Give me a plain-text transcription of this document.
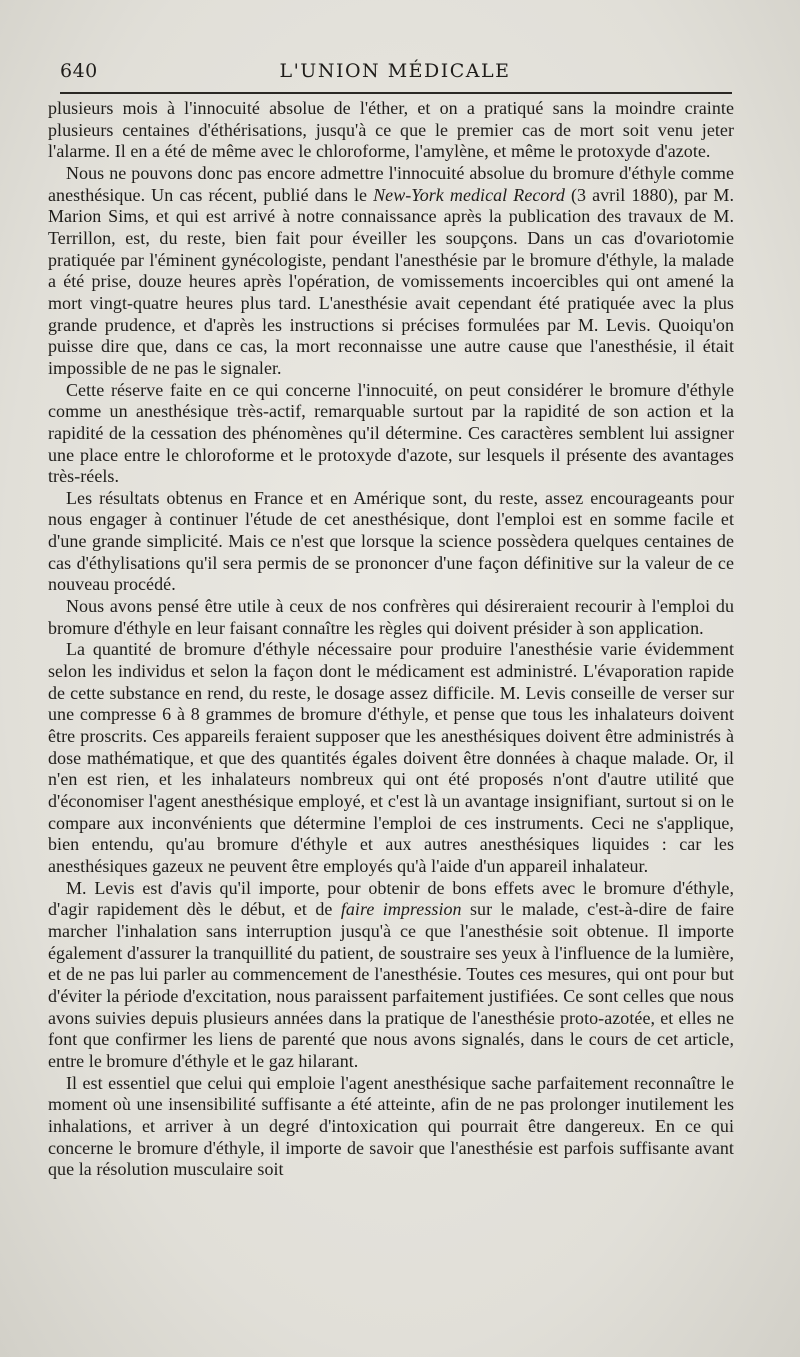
640	L'UNION MÉDICALE

plusieurs mois à l'innocuité absolue de l'éther, et on a pratiqué sans la moindre crainte plusieurs centaines d'éthérisations, jusqu'à ce que le premier cas de mort soit venu jeter l'alarme. Il en a été de même avec le chloroforme, l'amylène, et même le protoxyde d'azote.

Nous ne pouvons donc pas encore admettre l'innocuité absolue du bromure d'éthyle comme anesthésique. Un cas récent, publié dans le New-York medical Record (3 avril 1880), par M. Marion Sims, et qui est arrivé à notre connaissance après la publication des travaux de M. Terrillon, est, du reste, bien fait pour éveiller les soupçons. Dans un cas d'ovariotomie pratiquée par l'éminent gynécologiste, pendant l'anesthésie par le bromure d'éthyle, la malade a été prise, douze heures après l'opération, de vomissements incoercibles qui ont amené la mort vingt-quatre heures plus tard. L'anesthésie avait cependant été pratiquée avec la plus grande prudence, et d'après les instructions si précises formulées par M. Levis. Quoiqu'on puisse dire que, dans ce cas, la mort reconnaisse une autre cause que l'anesthésie, il était impossible de ne pas le signaler.

Cette réserve faite en ce qui concerne l'innocuité, on peut considérer le bromure d'éthyle comme un anesthésique très-actif, remarquable surtout par la rapidité de son action et la rapidité de la cessation des phénomènes qu'il détermine. Ces caractères semblent lui assigner une place entre le chloroforme et le protoxyde d'azote, sur lesquels il présente des avantages très-réels.

Les résultats obtenus en France et en Amérique sont, du reste, assez encourageants pour nous engager à continuer l'étude de cet anesthésique, dont l'emploi est en somme facile et d'une grande simplicité. Mais ce n'est que lorsque la science possèdera quelques centaines de cas d'éthylisations qu'il sera permis de se prononcer d'une façon définitive sur la valeur de ce nouveau procédé.

Nous avons pensé être utile à ceux de nos confrères qui désireraient recourir à l'emploi du bromure d'éthyle en leur faisant connaître les règles qui doivent présider à son application.

La quantité de bromure d'éthyle nécessaire pour produire l'anesthésie varie évidemment selon les individus et selon la façon dont le médicament est administré. L'évaporation rapide de cette substance en rend, du reste, le dosage assez difficile. M. Levis conseille de verser sur une compresse 6 à 8 grammes de bromure d'éthyle, et pense que tous les inhalateurs doivent être proscrits. Ces appareils feraient supposer que les anesthésiques doivent être administrés à dose mathématique, et que des quantités égales doivent être données à chaque malade. Or, il n'en est rien, et les inhalateurs nombreux qui ont été proposés n'ont d'autre utilité que d'économiser l'agent anesthésique employé, et c'est là un avantage insignifiant, surtout si on le compare aux inconvénients que détermine l'emploi de ces instruments. Ceci ne s'applique, bien entendu, qu'au bromure d'éthyle et aux autres anesthésiques liquides : car les anesthésiques gazeux ne peuvent être employés qu'à l'aide d'un appareil inhalateur.

M. Levis est d'avis qu'il importe, pour obtenir de bons effets avec le bromure d'éthyle, d'agir rapidement dès le début, et de faire impression sur le malade, c'est-à-dire de faire marcher l'inhalation sans interruption jusqu'à ce que l'anesthésie soit obtenue. Il importe également d'assurer la tranquillité du patient, de soustraire ses yeux à l'influence de la lumière, et de ne pas lui parler au commencement de l'anesthésie. Toutes ces mesures, qui ont pour but d'éviter la période d'excitation, nous paraissent parfaitement justifiées. Ce sont celles que nous avons suivies depuis plusieurs années dans la pratique de l'anesthésie proto-azotée, et elles ne font que confirmer les liens de parenté que nous avons signalés, dans le cours de cet article, entre le bromure d'éthyle et le gaz hilarant.

Il est essentiel que celui qui emploie l'agent anesthésique sache parfaitement reconnaître le moment où une insensibilité suffisante a été atteinte, afin de ne pas prolonger inutilement les inhalations, et arriver à un degré d'intoxication qui pourrait être dangereux. En ce qui concerne le bromure d'éthyle, il importe de savoir que l'anesthésie est parfois suffisante avant que la résolution musculaire soit
